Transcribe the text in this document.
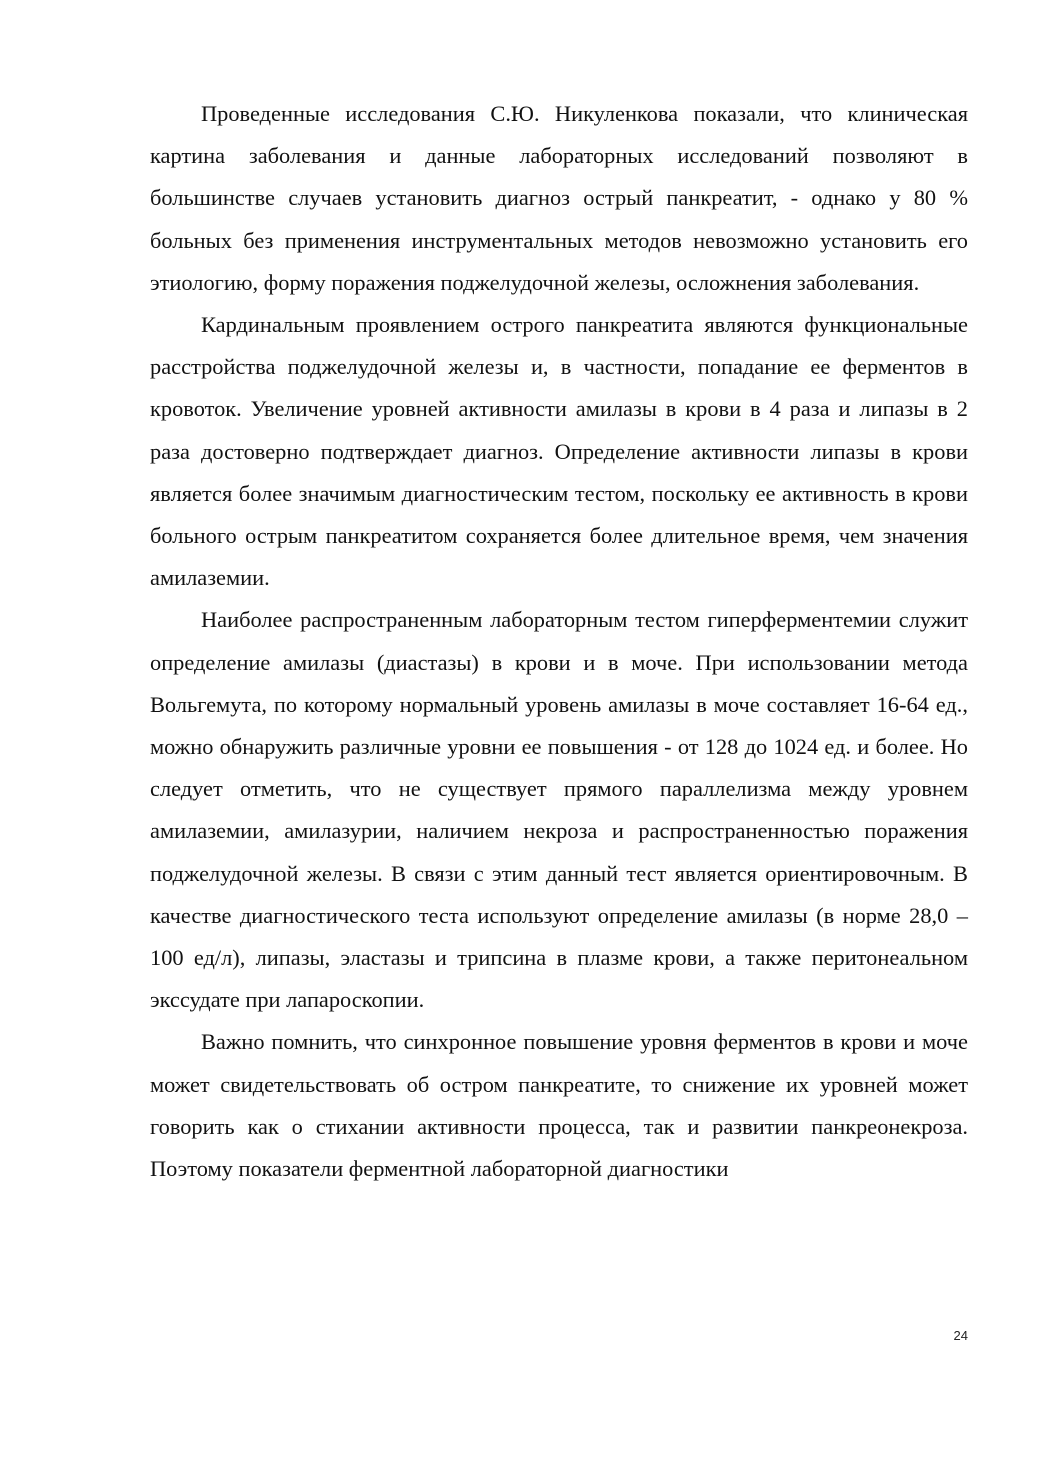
Проведенные исследования С.Ю. Никуленкова показали, что клиническая картина заболевания и данные лабораторных исследований позволяют в большинстве случаев установить диагноз острый панкреатит, - однако у 80 % больных без применения инструментальных методов невозможно установить его этиологию, форму поражения поджелудочной железы, осложнения заболевания.

Кардинальным проявлением острого панкреатита являются функциональные расстройства поджелудочной железы и, в частности, попадание ее ферментов в кровоток. Увеличение уровней активности амилазы в крови в 4 раза и липазы в 2 раза достоверно подтверждает диагноз. Определение активности липазы в крови является более значимым диагностическим тестом, поскольку ее активность в крови больного острым панкреатитом сохраняется более длительное время, чем значения амилаземии.

Наиболее распространенным лабораторным тестом гиперферментемии служит определение амилазы (диастазы) в крови и в моче. При использовании метода Вольгемута, по которому нормальный уровень амилазы в моче составляет 16-64 ед., можно обнаружить различные уровни ее повышения - от 128 до 1024 ед. и более. Но следует отметить, что не существует прямого параллелизма между уровнем амилаземии, амилазурии, наличием некроза и распространенностью поражения поджелудочной железы. В связи с этим данный тест является ориентировочным. В качестве диагностического теста используют определение амилазы (в норме 28,0 – 100 ед/л), липазы, эластазы и трипсина в плазме крови, а также перитонеальном экссудате при лапароскопии.

Важно помнить, что синхронное повышение уровня ферментов в крови и моче может свидетельствовать об остром панкреатите, то снижение их уровней может говорить как о стихании активности процесса, так и развитии панкреонекроза. Поэтому показатели ферментной лабораторной диагностики

24
